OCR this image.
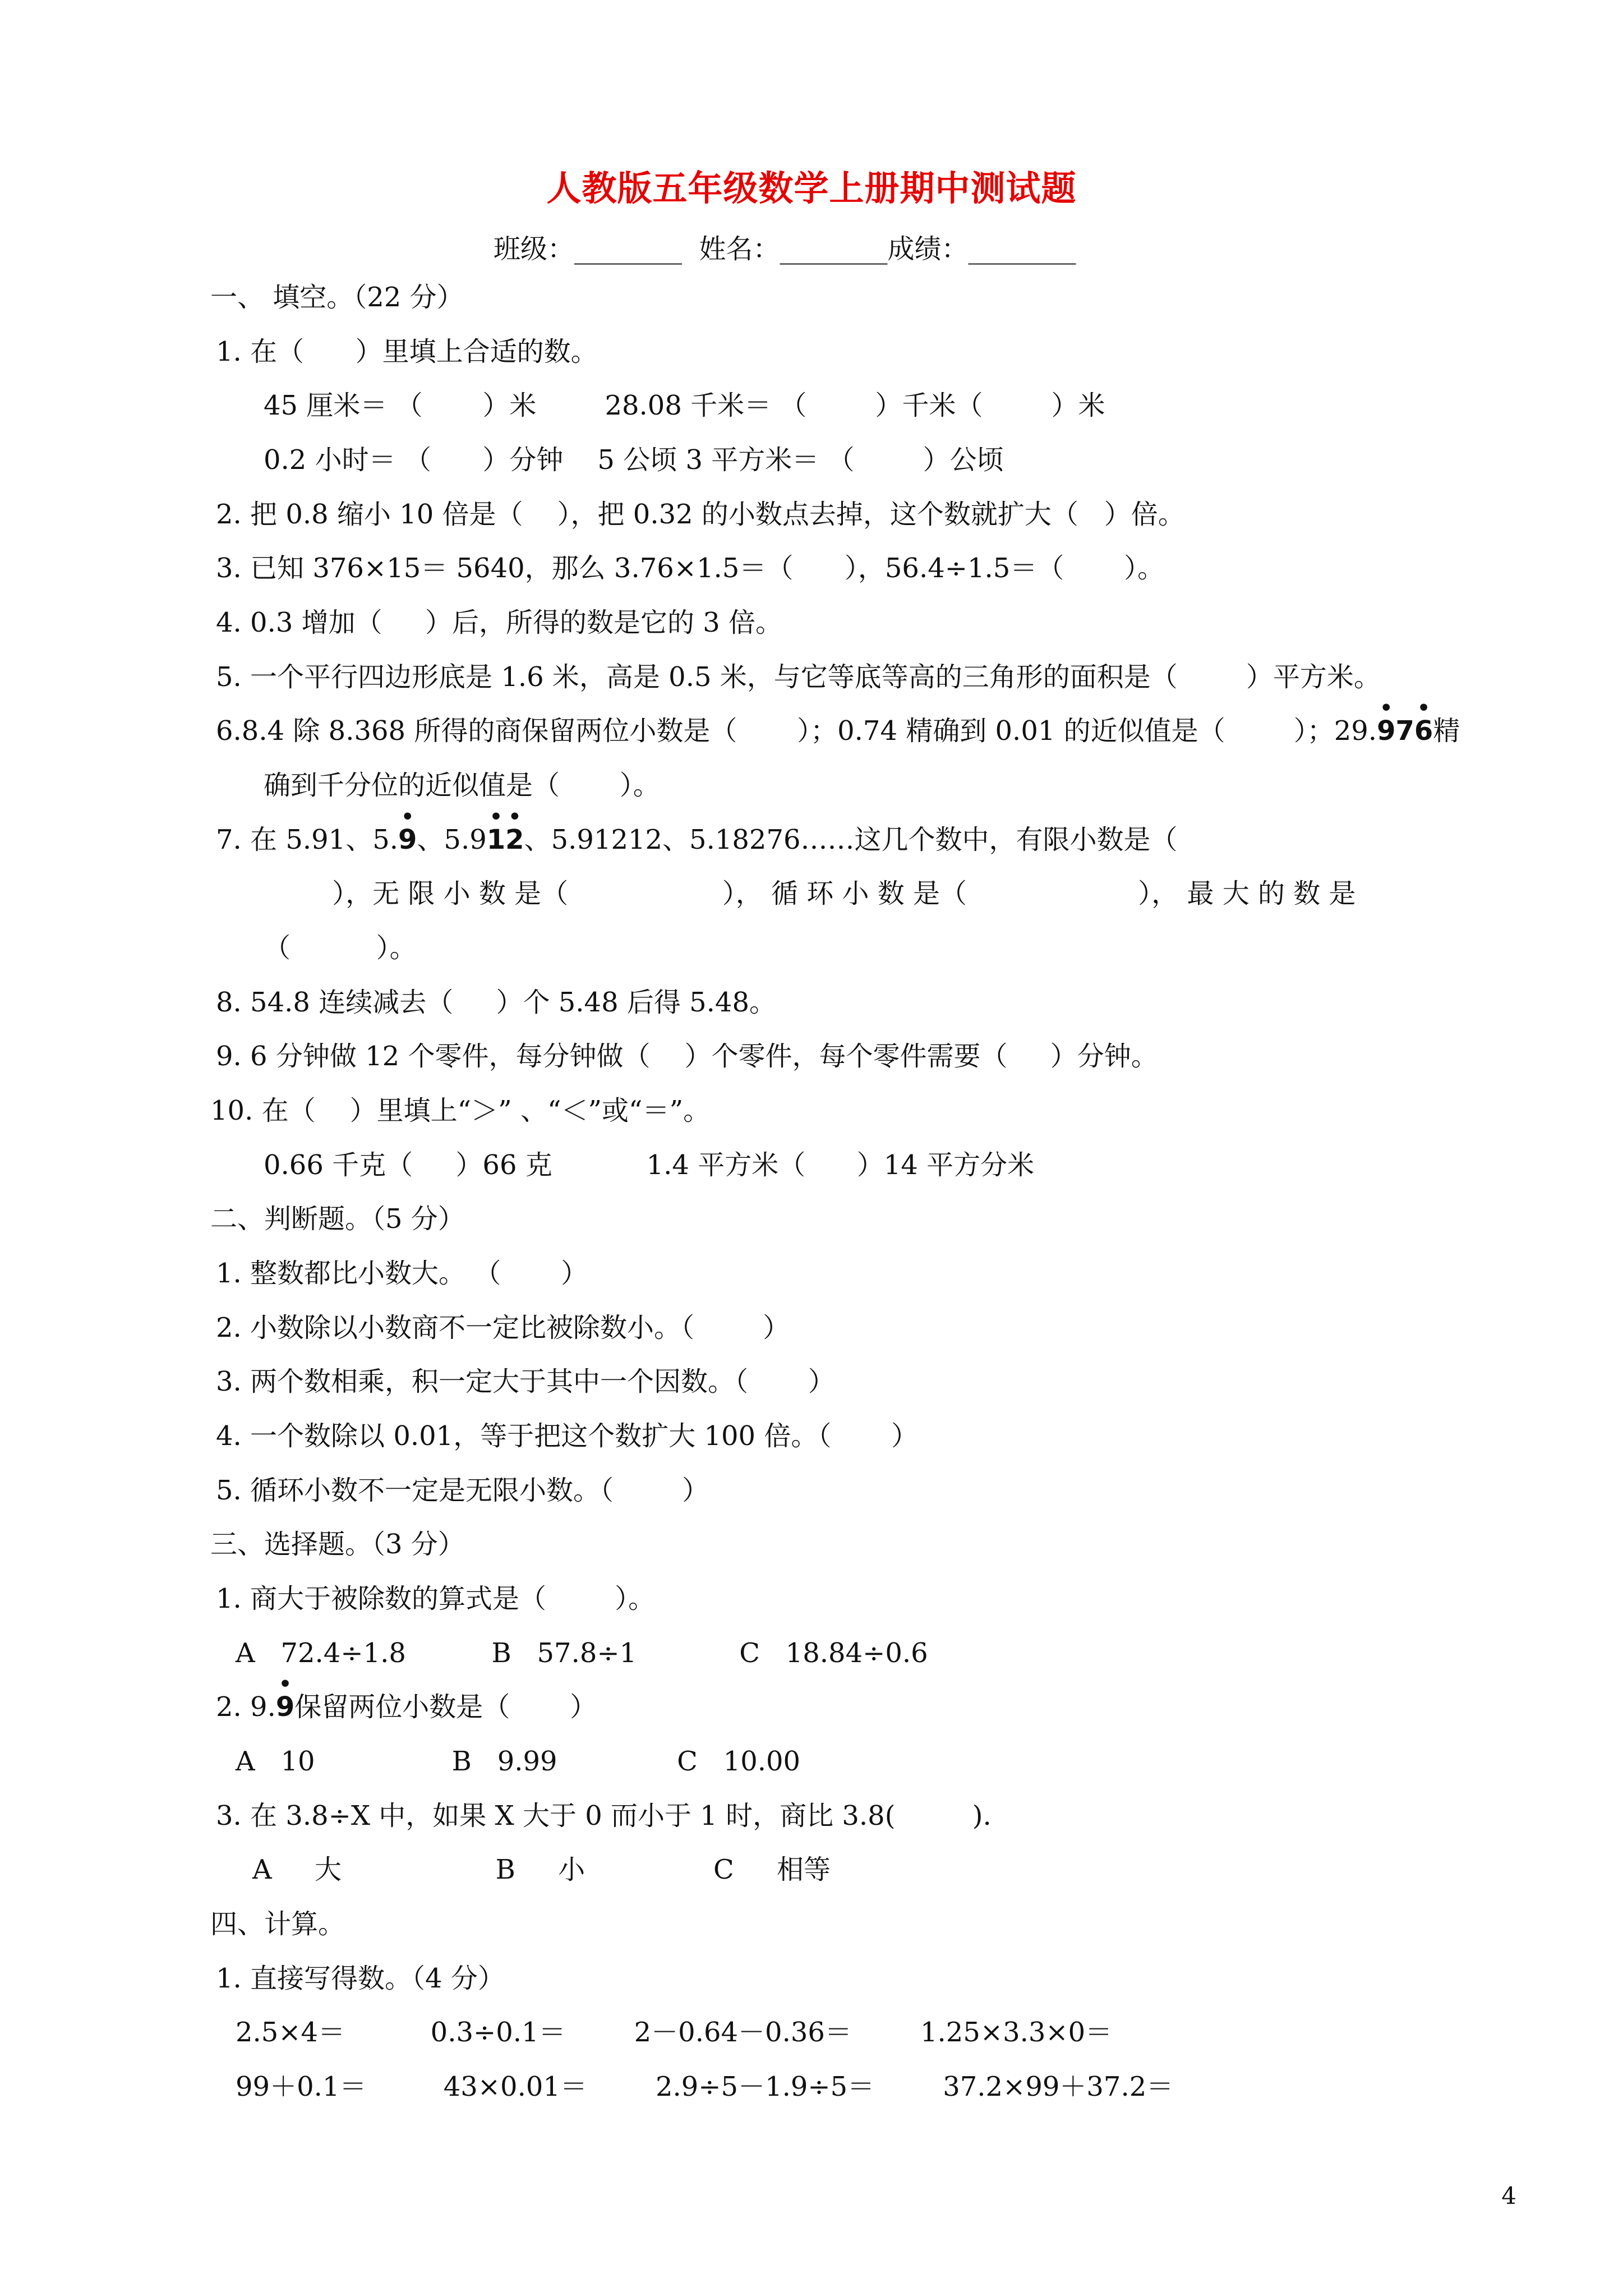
人教版五年级数学上册期中测试题
班级：________  姓名：________成绩：________
一、 填空。（22 分）
1. 在（      ）里填上合适的数。
45 厘米＝ （       ）米        28.08 千米＝ （        ）千米（        ）米
0.2 小时＝ （      ）分钟    5 公顷 3 平方米＝ （        ）公顷
2. 把 0.8 缩小 10 倍是（    ），把 0.32 的小数点去掉，这个数就扩大（   ）倍。
3. 已知 376×15＝ 5640，那么 3.76×1.5＝（      ），56.4÷1.5＝（       ）。
4. 0.3 增加（     ）后，所得的数是它的 3 倍。
5. 一个平行四边形底是 1.6 米，高是 0.5 米，与它等底等高的三角形的面积是（        ）平方米。
6.8.4 除 8.368 所得的商保留两位小数是（       ）；0.74 精确到 0.01 的近似值是（        ）；29.• 97• 6精
确到千分位的近似值是（       ）。
7. 在 5.91、5.• 9、5.9• 1• 2、5.91212、5.18276……这几个数中，有限小数是（
），无 限 小 数 是（                  ）， 循 环 小 数 是（                    ）， 最 大 的 数 是
（          ）。
8. 54.8 连续减去（     ）个 5.48 后得 5.48。
9. 6 分钟做 12 个零件，每分钟做（    ）个零件，每个零件需要（     ）分钟。
10. 在（    ）里填上“＞” 、“＜”或“＝”。
0.66 千克（     ）66 克           1.4 平方米（      ）14 平方分米
二、判断题。（5 分）
1. 整数都比小数大。 （       ）
2. 小数除以小数商不一定比被除数小。（        ）
3. 两个数相乘，积一定大于其中一个因数。（       ）
4. 一个数除以 0.01，等于把这个数扩大 100 倍。（       ）
5. 循环小数不一定是无限小数。（        ）
三、选择题。（3 分）
1. 商大于被除数的算式是（        ）。
A   72.4÷1.8          B   57.8÷1            C   18.84÷0.6
2. 9.• 9保留两位小数是（       ）
A   10                B   9.99              C   10.00
3. 在 3.8÷X 中，如果 X 大于 0 而小于 1 时，商比 3.8(         ).
A     大                  B     小               C     相等
四、计算。
1. 直接写得数。（4 分）
2.5×4＝          0.3÷0.1＝        2－0.64－0.36＝        1.25×3.3×0＝
99＋0.1＝         43×0.01＝        2.9÷5－1.9÷5＝        37.2×99＋37.2＝
4
